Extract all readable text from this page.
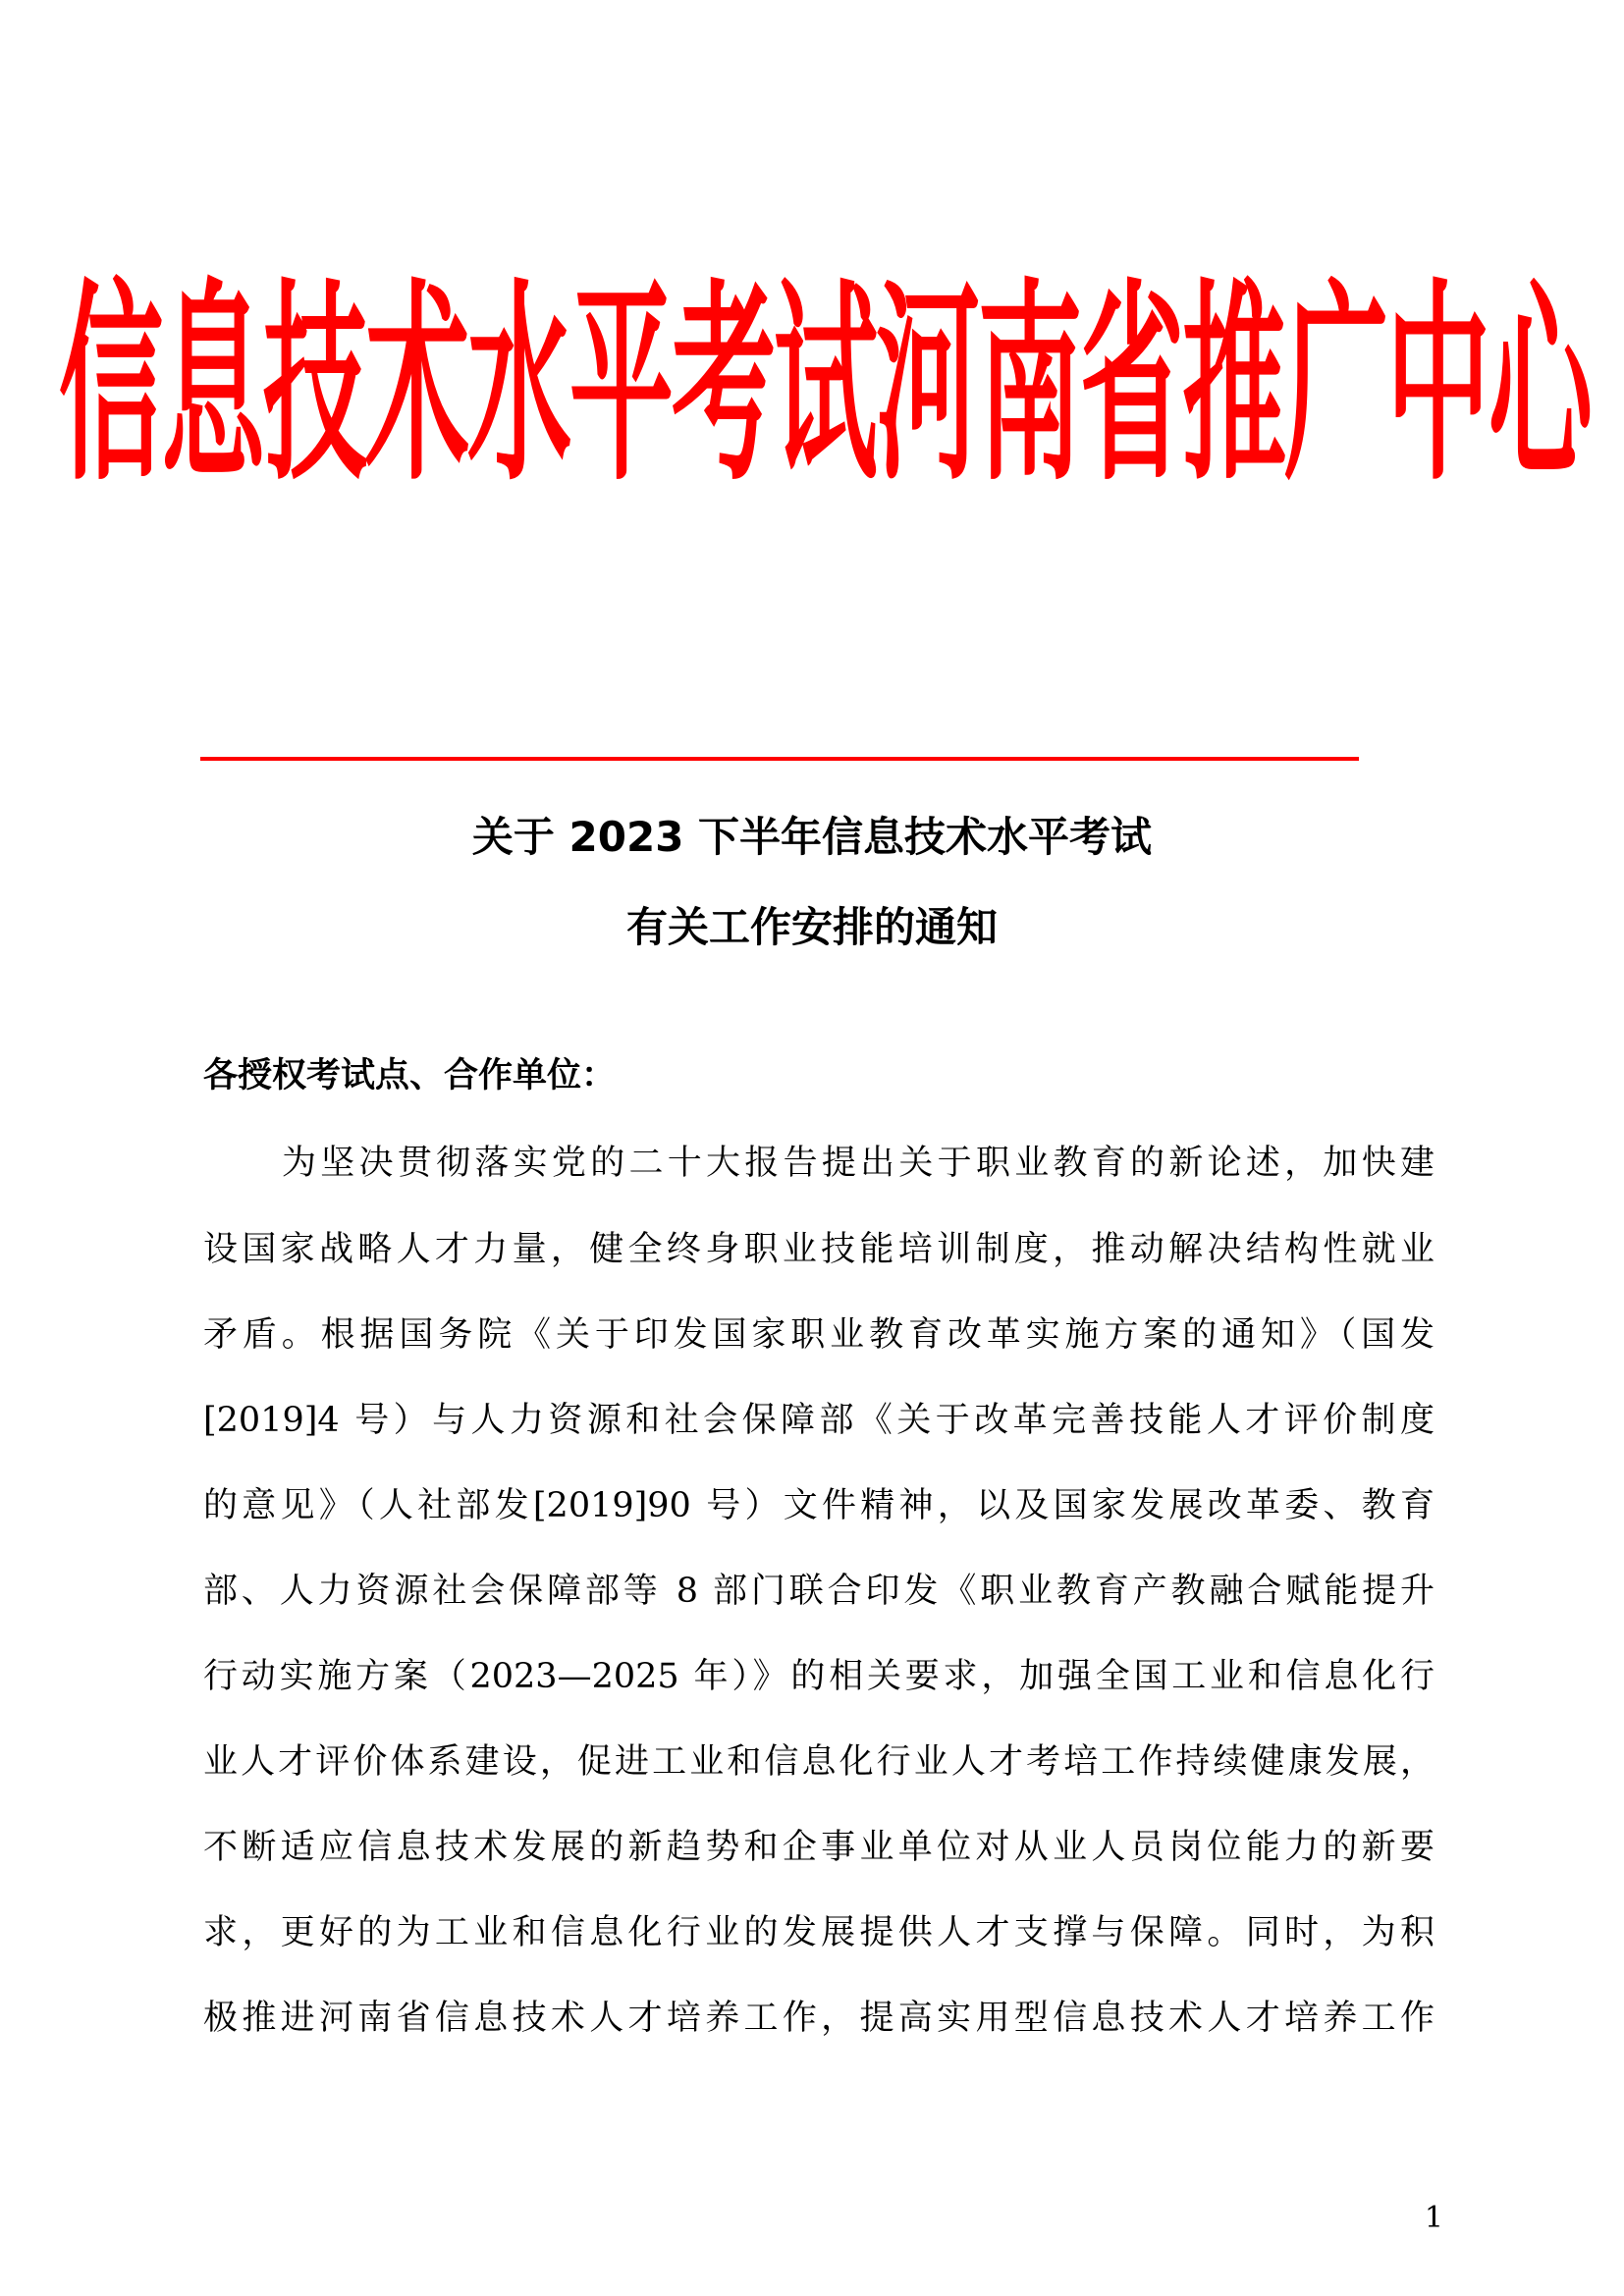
信息技术水平考试河南省推广中心
关于 2023 下半年信息技术水平考试
有关工作安排的通知
各授权考试点、合作单位：
为坚决贯彻落实党的二十大报告提出关于职业教育的新论述，加快建
设国家战略人才力量，健全终身职业技能培训制度，推动解决结构性就业
矛盾。根据国务院《关于印发国家职业教育改革实施方案的通知》（国发
[2019]4 号）与人力资源和社会保障部《关于改革完善技能人才评价制度
的意见》（人社部发[2019]90 号）文件精神，以及国家发展改革委、教育
部、人力资源社会保障部等 8 部门联合印发《职业教育产教融合赋能提升
行动实施方案（2023—2025 年）》的相关要求，加强全国工业和信息化行
业人才评价体系建设，促进工业和信息化行业人才考培工作持续健康发展，
不断适应信息技术发展的新趋势和企事业单位对从业人员岗位能力的新要
求，更好的为工业和信息化行业的发展提供人才支撑与保障。同时，为积
极推进河南省信息技术人才培养工作，提高实用型信息技术人才培养工作
1
